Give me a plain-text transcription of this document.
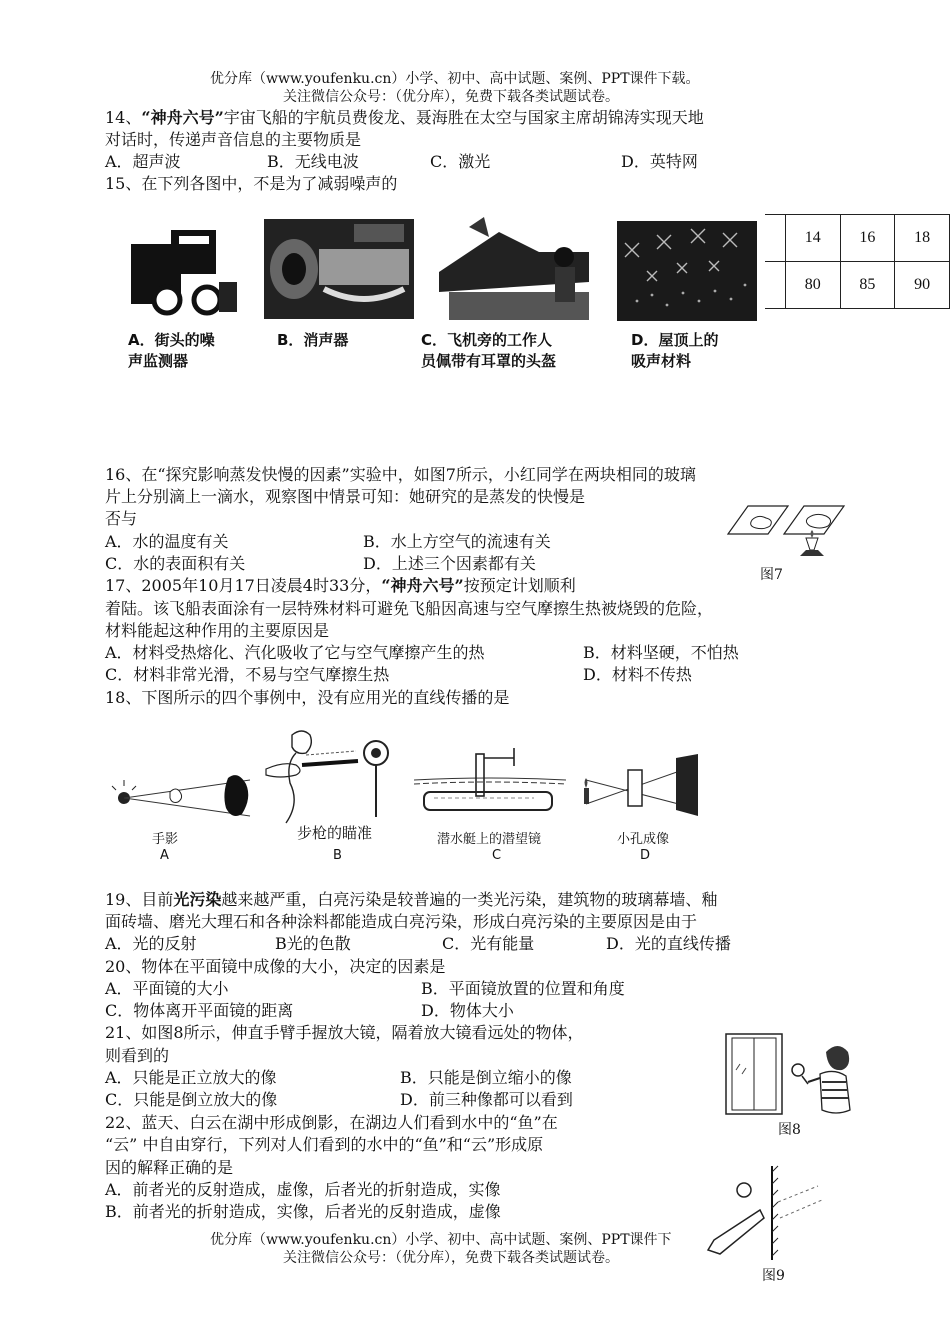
优分库（www.youfenku.cn）小学、初中、高中试题、案例、PPT课件下载。
关注微信公众号：（优分库），免费下载各类试题试卷。
14、“神舟六号”宇宙飞船的宇航员费俊龙、聂海胜在太空与国家主席胡锦涛实现天地
对话时，传递声音信息的主要物质是
A．超声波	B．无线电波	C．激光	D．英特网
15、在下列各图中，不是为了减弱噪声的
A．街头的噪
声监测器
B．消声器	C．飞机旁的工作人
员佩带有耳罩的头盔
D．屋顶上的
吸声材料
	14	16	18
	80	85	90
16、在“探究影响蒸发快慢的因素”实验中，如图7所示，小红同学在两块相同的玻璃
片上分别滴上一滴水，观察图中情景可知：她研究的是蒸发的快慢是
否与
A．水的温度有关	B．水上方空气的流速有关
C．水的表面积有关	D．上述三个因素都有关
图7
17、2005年10月17日凌晨4时33分，“神舟六号”按预定计划顺利
着陆。该飞船表面涂有一层特殊材料可避免飞船因高速与空气摩擦生热被烧毁的危险，
材料能起这种作用的主要原因是
A．材料受热熔化、汽化吸收了它与空气摩擦产生的热	B．材料坚硬，不怕热
C．材料非常光滑，不易与空气摩擦生热	D．材料不传热
18、下图所示的四个事例中，没有应用光的直线传播的是
手影
A
步枪的瞄准
B
潜水艇上的潜望镜
C
小孔成像
D
19、目前光污染越来越严重，白亮污染是较普遍的一类光污染，建筑物的玻璃幕墙、釉
面砖墙、磨光大理石和各种涂料都能造成白亮污染，形成白亮污染的主要原因是由于
A．光的反射	B光的色散	C．光有能量	D．光的直线传播
20、物体在平面镜中成像的大小，决定的因素是
A．平面镜的大小	B．平面镜放置的位置和角度
C．物体离开平面镜的距离	D．物体大小
21、如图8所示，伸直手臂手握放大镜，隔着放大镜看远处的物体，
则看到的
A．只能是正立放大的像	B．只能是倒立缩小的像
C．只能是倒立放大的像	D．前三种像都可以看到
图8
22、蓝天、白云在湖中形成倒影，在湖边人们看到水中的“鱼”在
“云” 中自由穿行，下列对人们看到的水中的“鱼”和“云”形成原
因的解释正确的是
A．前者光的反射造成，虚像，后者光的折射造成，实像
B．前者光的折射造成，实像，后者光的反射造成，虚像
图9
优分库（www.youfenku.cn）小学、初中、高中试题、案例、PPT课件下
关注微信公众号：（优分库），免费下载各类试题试卷。
